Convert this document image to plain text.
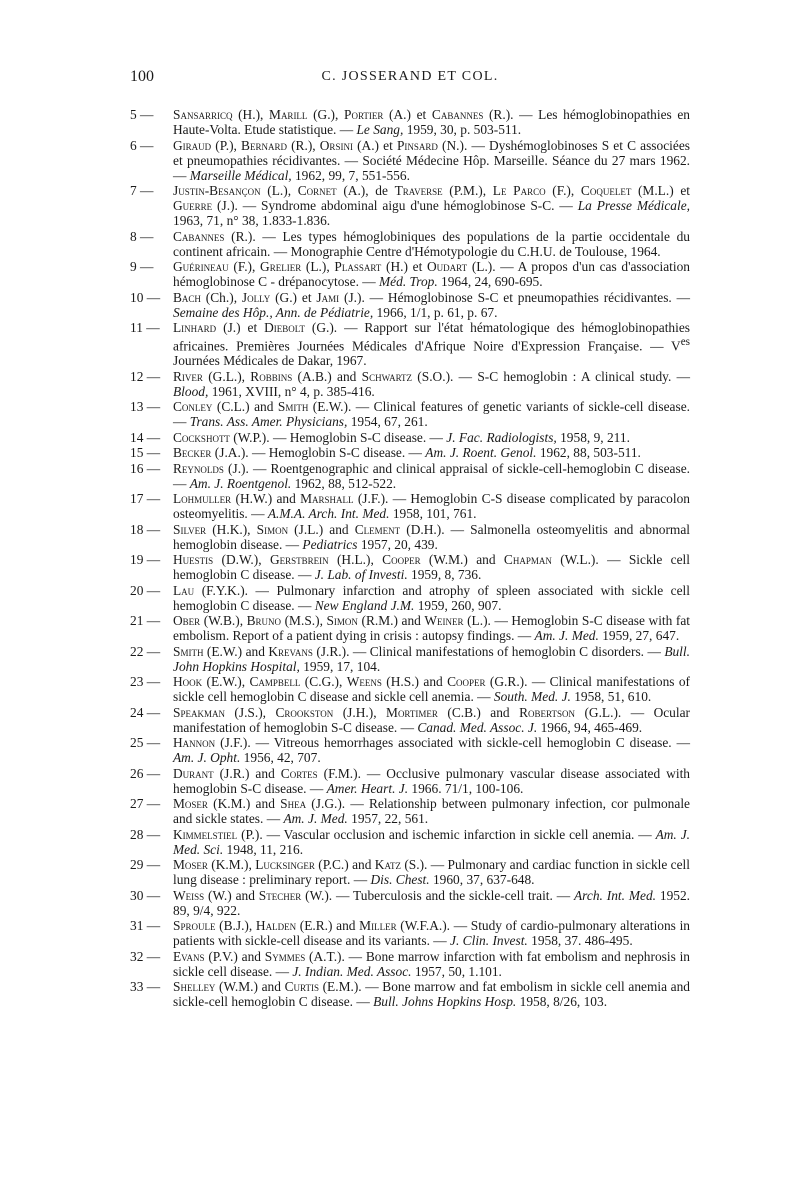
100	C. JOSSERAND ET COL.
5 —	Sansarricq (H.), Marill (G.), Portier (A.) et Cabannes (R.). — Les hémoglobinopathies en Haute-Volta. Etude statistique. — Le Sang, 1959, 30, p. 503-511.
6 —	Giraud (P.), Bernard (R.), Orsini (A.) et Pinsard (N.). — Dyshémoglobinoses S et C associées et pneumopathies récidivantes. — Société Médecine Hôp. Marseille. Séance du 27 mars 1962. — Marseille Médical, 1962, 99, 7, 551-556.
7 —	Justin-Besançon (L.), Cornet (A.), de Traverse (P.M.), Le Parco (F.), Coquelet (M.L.) et Guerre (J.). — Syndrome abdominal aigu d'une hémoglobinose S-C. — La Presse Médicale, 1963, 71, n° 38, 1.833-1.836.
8 —	Cabannes (R.). — Les types hémoglobiniques des populations de la partie occidentale du continent africain. — Monographie Centre d'Hémotypologie du C.H.U. de Toulouse, 1964.
9 —	Guérineau (F.), Grelier (L.), Plassart (H.) et Oudart (L.). — A propos d'un cas d'association hémoglobinose C - drépanocytose. — Méd. Trop. 1964, 24, 690-695.
10 — Bach (Ch.), Jolly (G.) et Jami (J.). — Hémoglobinose S-C et pneumopathies récidivantes. — Semaine des Hôp., Ann. de Pédiatrie, 1966, 1/1, p. 61, p. 67.
11 — Linhard (J.) et Diebolt (G.). — Rapport sur l'état hématologique des hémoglobinopathies africaines. Premières Journées Médicales d'Afrique Noire d'Expression Française. — $V^{es}$ Journées Médicales de Dakar, 1967.
12 — River (G.L.), Robbins (A.B.) and Schwartz (S.O.). — S-C hemoglobin : A clinical study. — Blood, 1961, XVIII, n° 4, p. 385-416.
13 — Conley (C.L.) and Smith (E.W.). — Clinical features of genetic variants of sickle-cell disease. — Trans. Ass. Amer. Physicians, 1954, 67, 261.
14 — Cockshott (W.P.). — Hemoglobin S-C disease. — J. Fac. Radiologists, 1958, 9, 211.
15 — Becker (J.A.). — Hemoglobin S-C disease. — Am. J. Roent. Genol. 1962, 88, 503-511.
16 — Reynolds (J.). — Roentgenographic and clinical appraisal of sickle-cell-hemoglobin C disease. — Am. J. Roentgenol. 1962, 88, 512-522.
17 — Lohmuller (H.W.) and Marshall (J.F.). — Hemoglobin C-S disease complicated by paracolon osteomyelitis. — A.M.A. Arch. Int. Med. 1958, 101, 761.
18 — Silver (H.K.), Simon (J.L.) and Clement (D.H.). — Salmonella osteomyelitis and abnormal hemoglobin disease. — Pediatrics 1957, 20, 439.
19 — Huestis (D.W.), Gerstbrein (H.L.), Cooper (W.M.) and Chapman (W.L.). — Sickle cell hemoglobin C disease. — J. Lab. of Investi. 1959, 8, 736.
20 — Lau (F.Y.K.). — Pulmonary infarction and atrophy of spleen associated with sickle cell hemoglobin C disease. — New England J.M. 1959, 260, 907.
21 — Ober (W.B.), Bruno (M.S.), Simon (R.M.) and Weiner (L.). — Hemoglobin S-C disease with fat embolism. Report of a patient dying in crisis : autopsy findings. — Am. J. Med. 1959, 27, 647.
22 — Smith (E.W.) and Krevans (J.R.). — Clinical manifestations of hemoglobin C disorders. — Bull. John Hopkins Hospital, 1959, 17, 104.
23 — Hook (E.W.), Campbell (C.G.), Weens (H.S.) and Cooper (G.R.). — Clinical manifestations of sickle cell hemoglobin C disease and sickle cell anemia. — South. Med. J. 1958, 51, 610.
24 — Speakman (J.S.), Crookston (J.H.), Mortimer (C.B.) and Robertson (G.L.). — Ocular manifestation of hemoglobin S-C disease. — Canad. Med. Assoc. J. 1966, 94, 465-469.
25 — Hannon (J.F.). — Vitreous hemorrhages associated with sickle-cell hemoglobin C disease. — Am. J. Opht. 1956, 42, 707.
26 — Durant (J.R.) and Cortes (F.M.). — Occlusive pulmonary vascular disease associated with hemoglobin S-C disease. — Amer. Heart. J. 1966. 71/1, 100-106.
27 — Moser (K.M.) and Shea (J.G.). — Relationship between pulmonary infection, cor pulmonale and sickle states. — Am. J. Med. 1957, 22, 561.
28 — Kimmelstiel (P.). — Vascular occlusion and ischemic infarction in sickle cell anemia. — Am. J. Med. Sci. 1948, 11, 216.
29 — Moser (K.M.), Lucksinger (P.C.) and Katz (S.). — Pulmonary and cardiac function in sickle cell lung disease : preliminary report. — Dis. Chest. 1960, 37, 637-648.
30 — Weiss (W.) and Stecher (W.). — Tuberculosis and the sickle-cell trait. — Arch. Int. Med. 1952. 89, 9/4, 922.
31 — Sproule (B.J.), Halden (E.R.) and Miller (W.F.A.). — Study of cardio-pulmonary alterations in patients with sickle-cell disease and its variants. — J. Clin. Invest. 1958, 37. 486-495.
32 — Evans (P.V.) and Symmes (A.T.). — Bone marrow infarction with fat embolism and nephrosis in sickle cell disease. — J. Indian. Med. Assoc. 1957, 50, 1.101.
33 — Shelley (W.M.) and Curtis (E.M.). — Bone marrow and fat embolism in sickle cell anemia and sickle-cell hemoglobin C disease. — Bull. Johns Hopkins Hosp. 1958, 8/26, 103.
